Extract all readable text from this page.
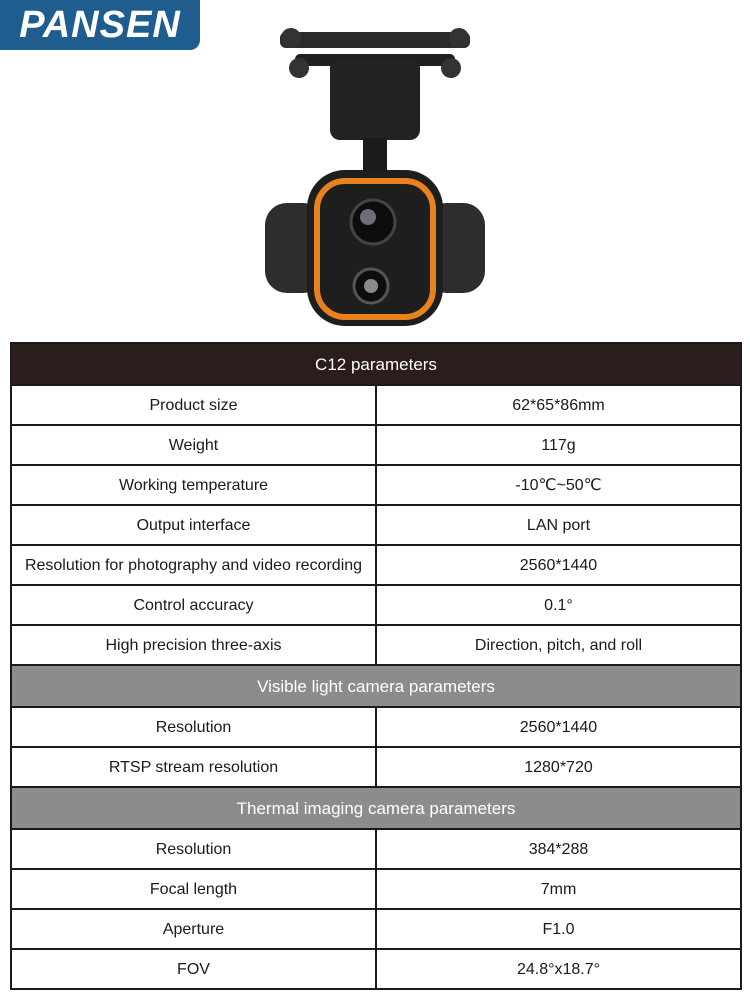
PANSEN
C12 parameters	
Product size	62*65*86mm
Weight	117g
Working temperature	-10℃~50℃
Output interface	LAN port
Resolution for photography and video recording	2560*1440
Control accuracy	0.1°
High precision three-axis	Direction, pitch, and roll
Visible light camera parameters	
Resolution	2560*1440
RTSP stream resolution	1280*720
Thermal imaging camera parameters	
Resolution	384*288
Focal length	7mm
Aperture	F1.0
FOV	24.8°x18.7°
